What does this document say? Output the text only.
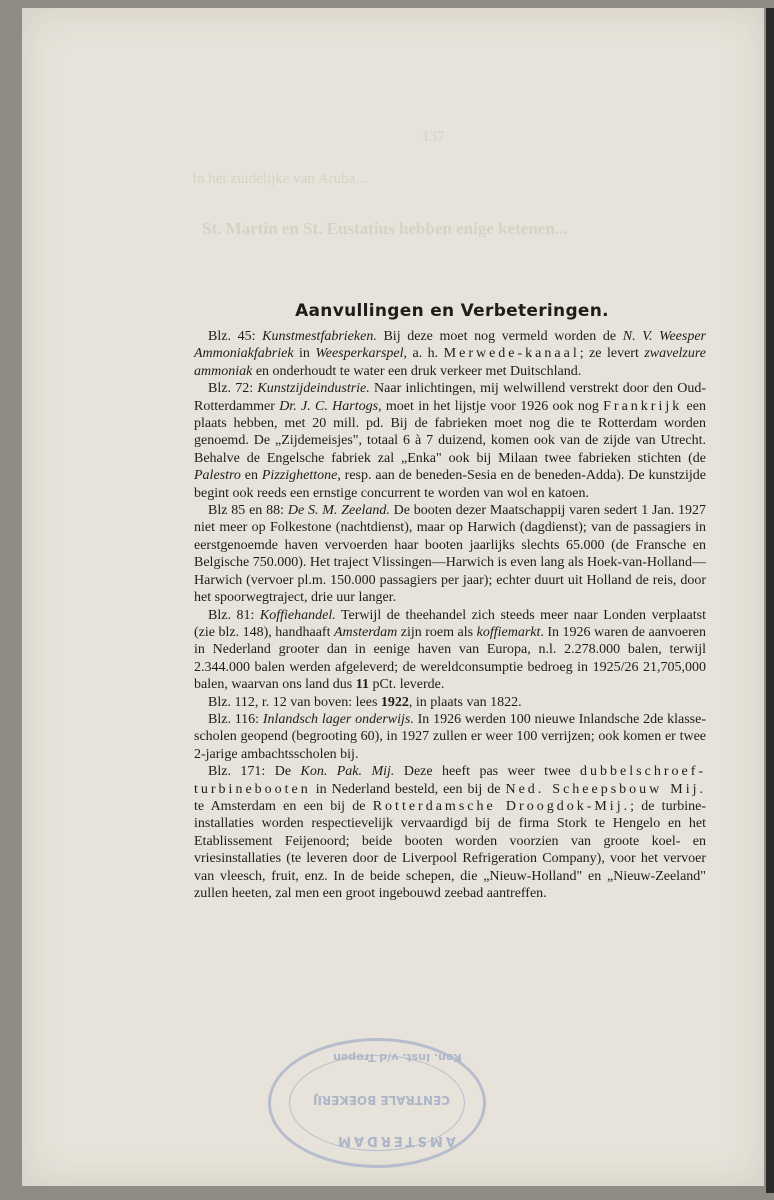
137
In het zuidelijke van Aruba...
St. Martin en St. Eustatius hebben enige ketenen...
Aanvullingen en Verbeteringen.

 Blz. 45: Kunstmestfabrieken. Bij deze moet nog vermeld worden de N. V. Weesper Ammoniakfabriek in Weesperkarspel, a. h. Merwede-kanaal; ze levert zwavelzure ammoniak en onderhoudt te water een druk verkeer met Duitschland.

 Blz. 72: Kunstzijdeindustrie. Naar inlichtingen, mij welwillend verstrekt door den Oud-Rotterdammer Dr. J. C. Hartogs, moet in het lijstje voor 1926 ook nog Frankrijk een plaats hebben, met 20 mill. pd. Bij de fabrieken moet nog die te Rotterdam worden genoemd. De „Zijdemeisjes", totaal 6 à 7 duizend, komen ook van de zijde van Utrecht. Behalve de Engelsche fabriek zal „Enka" ook bij Milaan twee fabrieken stichten (de Palestro en Pizzighettone, resp. aan de beneden-Sesia en de beneden-Adda). De kunstzijde begint ook reeds een ernstige concurrent te worden van wol en katoen.

 Blz 85 en 88: De S. M. Zeeland. De booten dezer Maatschappij varen sedert 1 Jan. 1927 niet meer op Folkestone (nachtdienst), maar op Harwich (dagdienst); van de passagiers in eerstgenoemde haven vervoerden haar booten jaarlijks slechts 65.000 (de Fransche en Belgische 750.000). Het traject Vlissingen—Harwich is even lang als Hoek-van-Holland—Harwich (vervoer pl.m. 150.000 passagiers per jaar); echter duurt uit Holland de reis, door het spoorwegtraject, drie uur langer.

 Blz. 81: Koffiehandel. Terwijl de theehandel zich steeds meer naar Londen verplaatst (zie blz. 148), handhaaft Amsterdam zijn roem als koffiemarkt. In 1926 waren de aanvoeren in Nederland grooter dan in eenige haven van Europa, n.l. 2.278.000 balen, terwijl 2.344.000 balen werden afgeleverd; de wereldconsumptie bedroeg in 1925/26 21,705,000 balen, waarvan ons land dus 11 pCt. leverde.

 Blz. 112, r. 12 van boven: lees 1922, in plaats van 1822.

 Blz. 116: Inlandsch lager onderwijs. In 1926 werden 100 nieuwe Inlandsche 2de klasse-scholen geopend (begrooting 60), in 1927 zullen er weer 100 verrijzen; ook komen er twee 2-jarige ambachtsscholen bij.

 Blz. 171: De Kon. Pak. Mij. Deze heeft pas weer twee dubbelschroef-turbinebooten in Nederland besteld, een bij de Ned. Scheepsbouw Mij. te Amsterdam en een bij de Rotterdamsche Droogdok-Mij.; de turbine-installaties worden respectievelijk vervaardigd bij de firma Stork te Hengelo en het Etablissement Feijenoord; beide booten worden voorzien van groote koel- en vriesinstallaties (te leveren door de Liverpool Refrigeration Company), voor het vervoer van vleesch, fruit, enz. In de beide schepen, die „Nieuw-Holland" en „Nieuw-Zeeland" zullen heeten, zal men een groot ingebouwd zeebad aantreffen.

Kon. Inst. v/d Tropen
CENTRALE BOEKERIJ
AMSTERDAM
